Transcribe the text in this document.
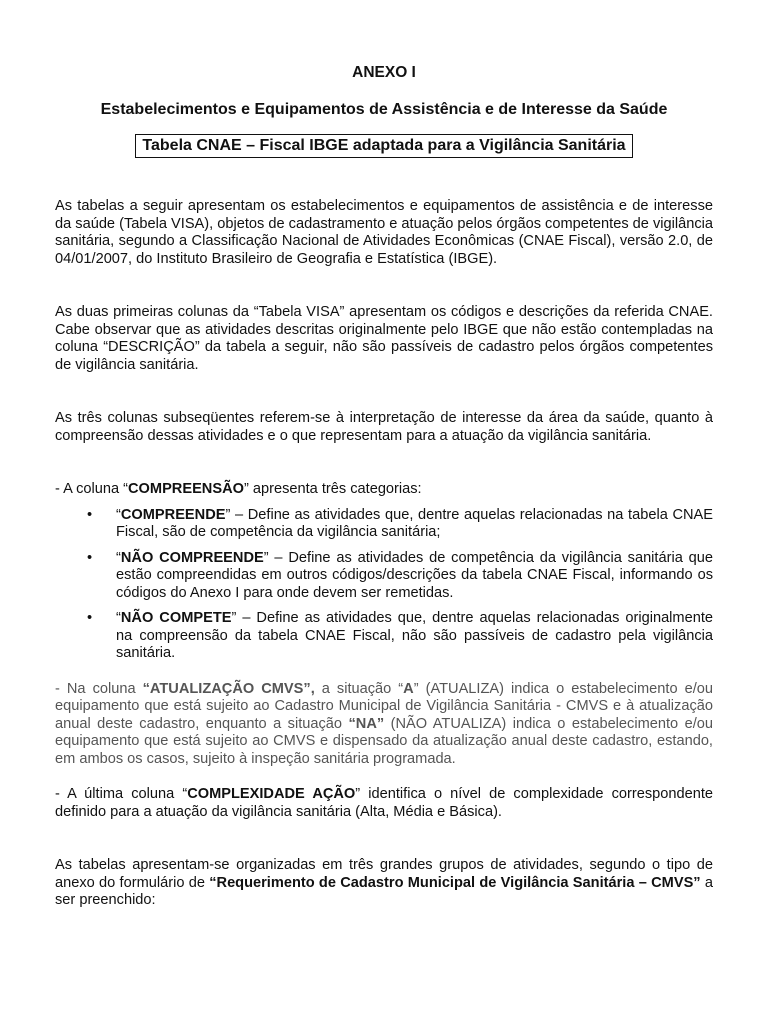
ANEXO I
Estabelecimentos e Equipamentos de Assistência e de Interesse da Saúde
Tabela CNAE – Fiscal IBGE adaptada para a Vigilância Sanitária

As tabelas a seguir apresentam os estabelecimentos e equipamentos de assistência e de interesse da saúde (Tabela VISA), objetos de cadastramento e atuação pelos órgãos competentes de vigilância sanitária, segundo a Classificação Nacional de Atividades Econômicas (CNAE Fiscal), versão 2.0, de 04/01/2007, do Instituto Brasileiro de Geografia e Estatística (IBGE).

As duas primeiras colunas da “Tabela VISA” apresentam os códigos e descrições da referida CNAE. Cabe observar que as atividades descritas originalmente pelo IBGE que não estão contempladas na coluna “DESCRIÇÃO” da tabela a seguir, não são passíveis de cadastro pelos órgãos competentes de vigilância sanitária.

As três colunas subseqüentes referem-se à interpretação de interesse da área da saúde, quanto à compreensão dessas atividades e o que representam para a atuação da vigilância sanitária.

- A coluna “COMPREENSÃO” apresenta três categorias:

• “COMPREENDE” – Define as atividades que, dentre aquelas relacionadas na tabela CNAE Fiscal, são de competência da vigilância sanitária;
• “NÃO COMPREENDE” – Define as atividades de competência da vigilância sanitária que estão compreendidas em outros códigos/descrições da tabela CNAE Fiscal, informando os códigos do Anexo I para onde devem ser remetidas.
• “NÃO COMPETE” – Define as atividades que, dentre aquelas relacionadas originalmente na compreensão da tabela CNAE Fiscal, não são passíveis de cadastro pela vigilância sanitária.

- Na coluna “ATUALIZAÇÃO CMVS”, a situação “A” (ATUALIZA) indica o estabelecimento e/ou equipamento que está sujeito ao Cadastro Municipal de Vigilância Sanitária - CMVS e à atualização anual deste cadastro, enquanto a situação “NA” (NÃO ATUALIZA) indica o estabelecimento e/ou equipamento que está sujeito ao CMVS e dispensado da atualização anual deste cadastro, estando, em ambos os casos, sujeito à inspeção sanitária programada.

- A última coluna “COMPLEXIDADE AÇÃO” identifica o nível de complexidade correspondente definido para a atuação da vigilância sanitária (Alta, Média e Básica).

As tabelas apresentam-se organizadas em três grandes grupos de atividades, segundo o tipo de anexo do formulário de “Requerimento de Cadastro Municipal de Vigilância Sanitária – CMVS” a ser preenchido:
